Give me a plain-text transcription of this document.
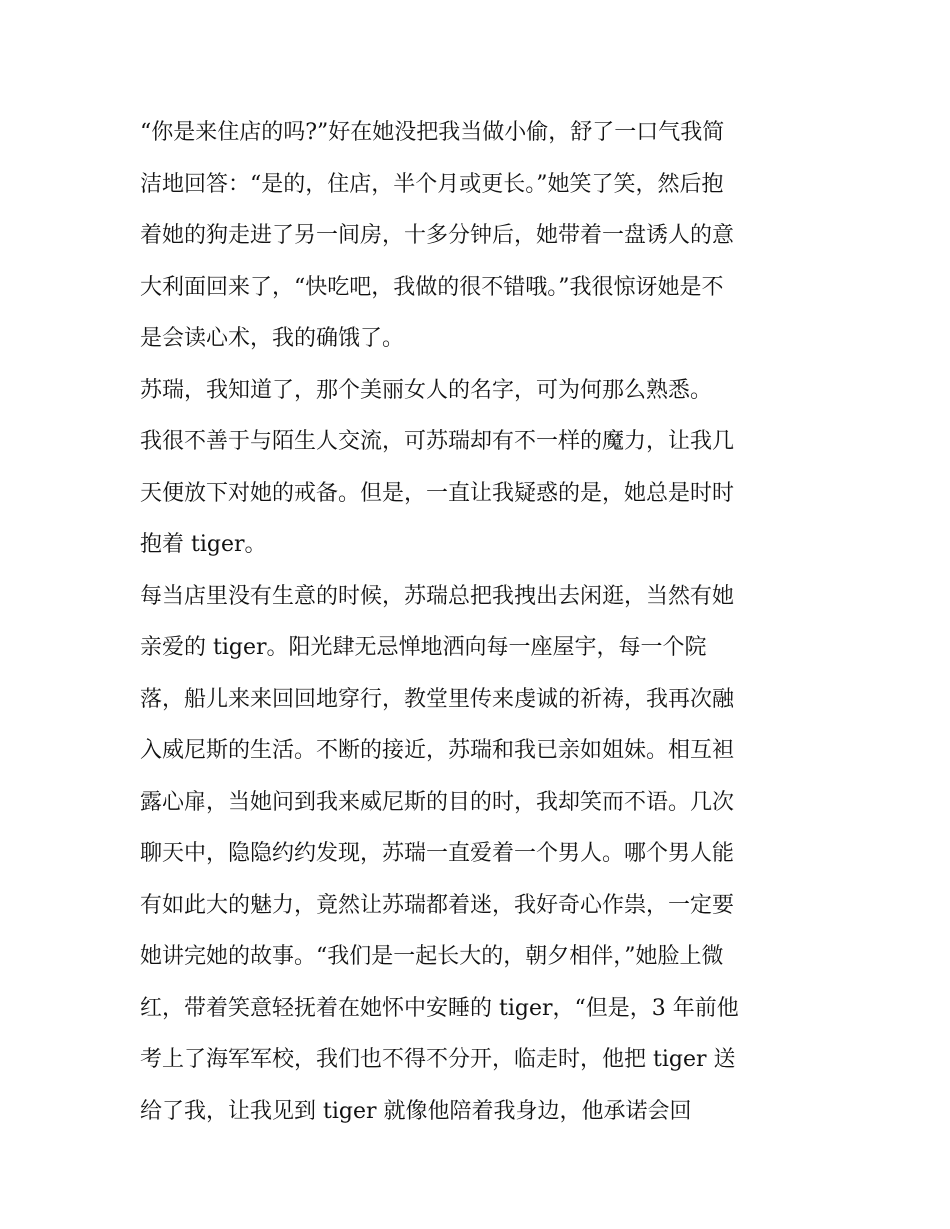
“你是来住店的吗?”好在她没把我当做小偷，舒了一口气我简
洁地回答：“是的，住店，半个月或更长。”她笑了笑，然后抱
着她的狗走进了另一间房，十多分钟后，她带着一盘诱人的意
大利面回来了，“快吃吧，我做的很不错哦。”我很惊讶她是不
是会读心术，我的确饿了。

苏瑞，我知道了，那个美丽女人的名字，可为何那么熟悉。

我很不善于与陌生人交流，可苏瑞却有不一样的魔力，让我几
天便放下对她的戒备。但是，一直让我疑惑的是，她总是时时
抱着 tiger。

每当店里没有生意的时候，苏瑞总把我拽出去闲逛，当然有她
亲爱的 tiger。阳光肆无忌惮地洒向每一座屋宇，每一个院
落，船儿来来回回地穿行，教堂里传来虔诚的祈祷，我再次融
入威尼斯的生活。不断的接近，苏瑞和我已亲如姐妹。相互袒
露心扉，当她问到我来威尼斯的目的时，我却笑而不语。几次
聊天中，隐隐约约发现，苏瑞一直爱着一个男人。哪个男人能
有如此大的魅力，竟然让苏瑞都着迷，我好奇心作祟，一定要
她讲完她的故事。“我们是一起长大的，朝夕相伴，”她脸上微
红，带着笑意轻抚着在她怀中安睡的 tiger，“但是，3 年前他
考上了海军军校，我们也不得不分开，临走时，他把 tiger 送
给了我，让我见到 tiger 就像他陪着我身边，他承诺会回
